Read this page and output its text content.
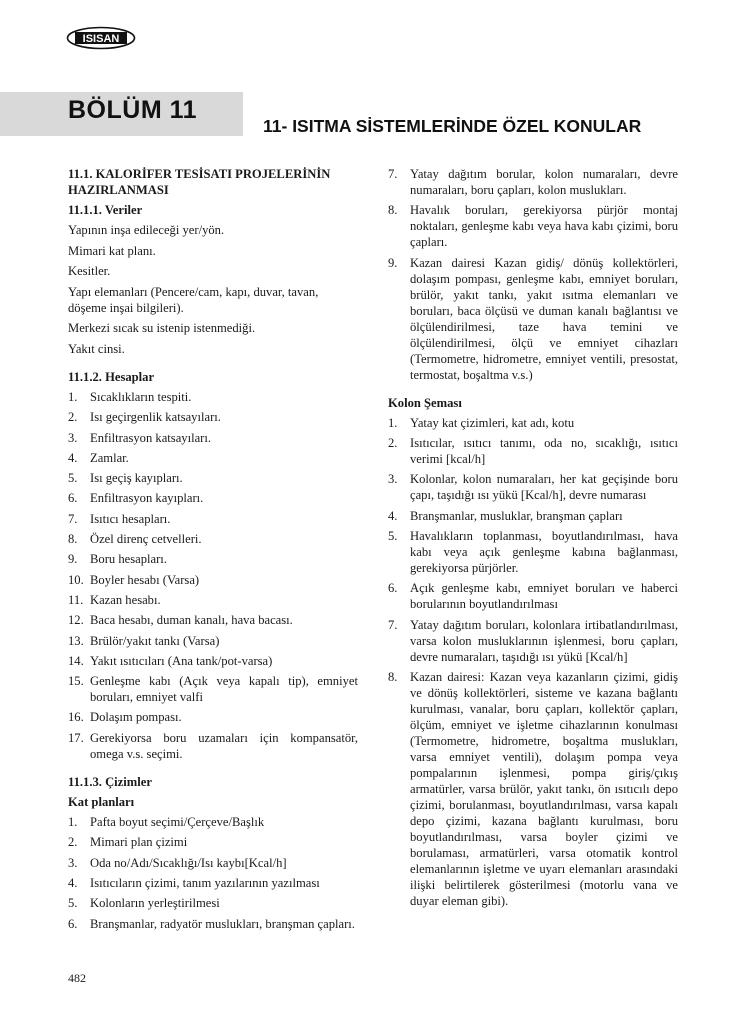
ISISAN
BÖLÜM 11
11- ISITMA SİSTEMLERİNDE ÖZEL KONULAR
11.1. KALORİFER TESİSATI PROJELERİNİN HAZIRLANMASI
11.1.1. Veriler
Yapının inşa edileceği yer/yön.
Mimari kat planı.
Kesitler.
Yapı elemanları (Pencere/cam, kapı, duvar, tavan, döşeme inşai bilgileri).
Merkezi sıcak su istenip istenmediği.
Yakıt cinsi.
11.1.2. Hesaplar
1. Sıcaklıkların tespiti.
2. Isı geçirgenlik katsayıları.
3. Enfiltrasyon katsayıları.
4. Zamlar.
5. Isı geçiş kayıpları.
6. Enfiltrasyon kayıpları.
7. Isıtıcı hesapları.
8. Özel direnç cetvelleri.
9. Boru hesapları.
10. Boyler hesabı (Varsa)
11. Kazan hesabı.
12. Baca hesabı, duman kanalı, hava bacası.
13. Brülör/yakıt tankı (Varsa)
14. Yakıt ısıtıcıları (Ana tank/pot-varsa)
15. Genleşme kabı (Açık veya kapalı tip), emniyet boruları, emniyet valfi
16. Dolaşım pompası.
17. Gerekiyorsa boru uzamaları için kompansatör, omega v.s. seçimi.
11.1.3. Çizimler
Kat planları
1. Pafta boyut seçimi/Çerçeve/Başlık
2. Mimari plan çizimi
3. Oda no/Adı/Sıcaklığı/Isı kaybı[Kcal/h]
4. Isıtıcıların çizimi, tanım yazılarının yazılması
5. Kolonların yerleştirilmesi
6. Branşmanlar, radyatör muslukları, branşman çapları.
7. Yatay dağıtım borular, kolon numaraları, devre numaraları, boru çapları, kolon muslukları.
8. Havalık boruları, gerekiyorsa pürjör montaj noktaları, genleşme kabı veya hava kabı çizimi, boru çapları.
9. Kazan dairesi Kazan gidiş/ dönüş kollektörleri, dolaşım pompası, genleşme kabı, emniyet boruları, brülör, yakıt tankı, yakıt ısıtma elemanları ve boruları, baca ölçüsü ve duman kanalı bağlantısı ve ölçülendirilmesi, taze hava temini ve ölçülendirilmesi, ölçü ve emniyet cihazları (Termometre, hidrometre, emniyet ventili, presostat, termostat, boşaltma v.s.)
Kolon Şeması
1. Yatay kat çizimleri, kat adı, kotu
2. Isıtıcılar, ısıtıcı tanımı, oda no, sıcaklığı, ısıtıcı verimi [kcal/h]
3. Kolonlar, kolon numaraları, her kat geçişinde boru çapı, taşıdığı ısı yükü [Kcal/h], devre numarası
4. Branşmanlar, musluklar, branşman çapları
5. Havalıkların toplanması, boyutlandırılması, hava kabı veya açık genleşme kabına bağlanması, gerekiyorsa pürjörler.
6. Açık genleşme kabı, emniyet boruları ve haberci borularının boyutlandırılması
7. Yatay dağıtım boruları, kolonlara irtibatlandırılması, varsa kolon musluklarının işlenmesi, boru çapları, devre numaraları, taşıdığı ısı yükü [Kcal/h]
8. Kazan dairesi: Kazan veya kazanların çizimi, gidiş ve dönüş kollektörleri, sisteme ve kazana bağlantı kurulması, vanalar, boru çapları, kollektör çapları, ölçüm, emniyet ve işletme cihazlarının konulması (Termometre, hidrometre, boşaltma muslukları, varsa emniyet ventili), dolaşım pompa veya pompalarının işlenmesi, pompa giriş/çıkış armatürler, varsa brülör, yakıt tankı, ön ısıtıcılı depo çizimi, borulanması, boyutlandırılması, varsa kapalı depo çizimi, kazana bağlantı kurulması, boru boyutlandırılması, varsa boyler çizimi ve borulaması, armatürleri, varsa otomatik kontrol elemanlarının işletme ve uyarı elemanları arasındaki ilişki belirtilerek gösterilmesi (motorlu vana ve duyar eleman gibi).
482
